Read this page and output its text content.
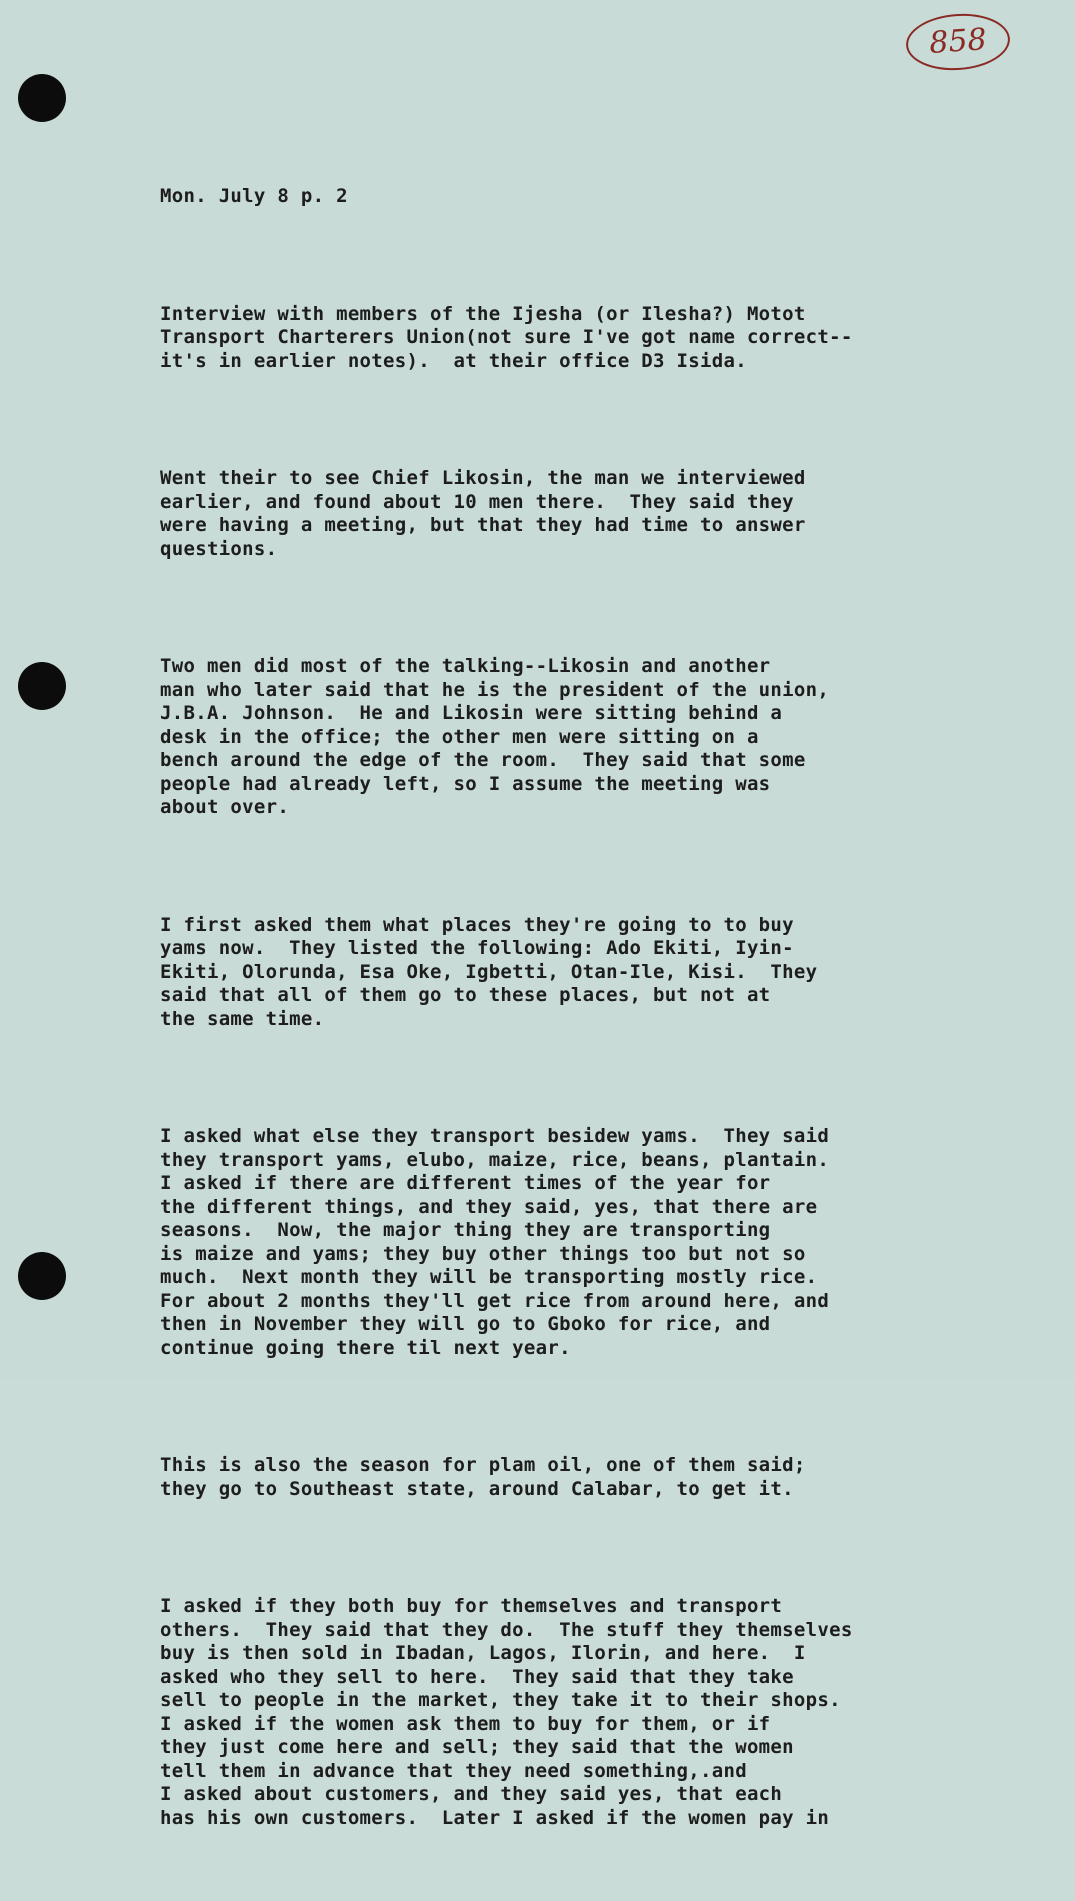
858

Mon. July 8 p. 2

Interview with members of the Ijesha (or Ilesha?) Motot
Transport Charterers Union(not sure I've got name correct--
it's in earlier notes).  at their office D3 Isida.

Went their to see Chief Likosin, the man we interviewed
earlier, and found about 10 men there.  They said they
were having a meeting, but that they had time to answer
questions.

Two men did most of the talking--Likosin and another
man who later said that he is the president of the union,
J.B.A. Johnson.  He and Likosin were sitting behind a
desk in the office; the other men were sitting on a
bench around the edge of the room.  They said that some
people had already left, so I assume the meeting was
about over.

I first asked them what places they're going to to buy
yams now.  They listed the following: Ado Ekiti, Iyin-
Ekiti, Olorunda, Esa Oke, Igbetti, Otan-Ile, Kisi.  They
said that all of them go to these places, but not at
the same time.

I asked what else they transport besidew yams.  They said
they transport yams, elubo, maize, rice, beans, plantain.
I asked if there are different times of the year for
the different things, and they said, yes, that there are
seasons.  Now, the major thing they are transporting
is maize and yams; they buy other things too but not so
much.  Next month they will be transporting mostly rice.
For about 2 months they'll get rice from around here, and
then in November they will go to Gboko for rice, and
continue going there til next year.

This is also the season for plam oil, one of them said;
they go to Southeast state, around Calabar, to get it.

I asked if they both buy for themselves and transport
others.  They said that they do.  The stuff they themselves
buy is then sold in Ibadan, Lagos, Ilorin, and here.  I
asked who they sell to here.  They said that they take
sell to people in the market, they take it to their shops.
I asked if the women ask them to buy for them, or if
they just come here and sell; they said that the women
tell them in advance that they need something,.and
I asked about customers, and they said yes, that each
has his own customers.  Later I asked if the women pay in
